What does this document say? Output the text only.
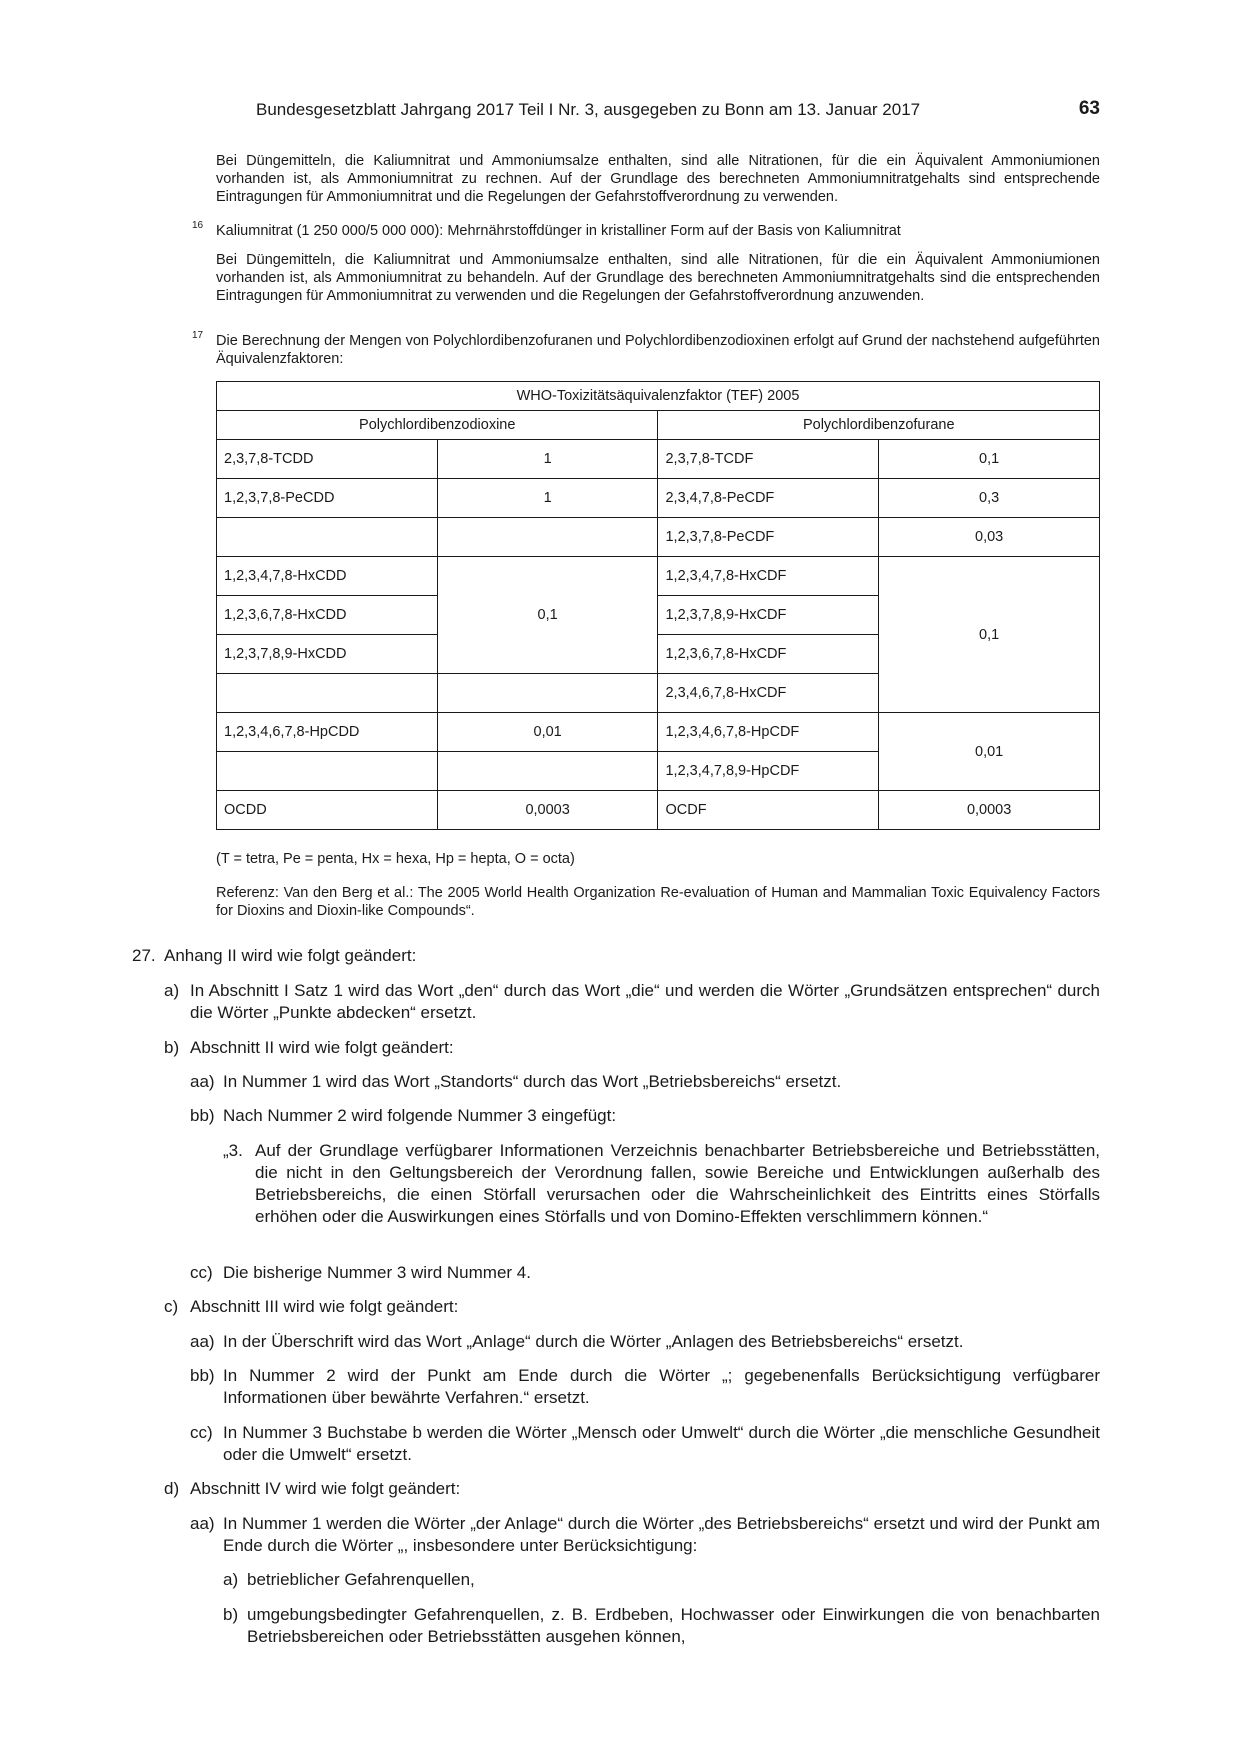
Bundesgesetzblatt Jahrgang 2017 Teil I Nr. 3, ausgegeben zu Bonn am 13. Januar 2017	63

Bei Düngemitteln, die Kaliumnitrat und Ammoniumsalze enthalten, sind alle Nitrationen, für die ein Äquivalent Ammoniumionen vorhanden ist, als Ammoniumnitrat zu rechnen. Auf der Grundlage des berechneten Ammoniumnitratgehalts sind entsprechende Eintragungen für Ammoniumnitrat und die Regelungen der Gefahrstoffverordnung zu verwenden.

16 Kaliumnitrat (1 250 000/5 000 000): Mehrnährstoffdünger in kristalliner Form auf der Basis von Kaliumnitrat

Bei Düngemitteln, die Kaliumnitrat und Ammoniumsalze enthalten, sind alle Nitrationen, für die ein Äquivalent Ammoniumionen vorhanden ist, als Ammoniumnitrat zu behandeln. Auf der Grundlage des berechneten Ammoniumnitratgehalts sind die entsprechenden Eintragungen für Ammoniumnitrat zu verwenden und die Regelungen der Gefahrstoffverordnung anzuwenden.

17 Die Berechnung der Mengen von Polychlordibenzofuranen und Polychlordibenzodioxinen erfolgt auf Grund der nachstehend aufgeführten Äquivalenzfaktoren:

WHO-Toxizitätsäquivalenzfaktor (TEF) 2005			
Polychlordibenzodioxine		Polychlordibenzofurane	
2,3,7,8-TCDD	1	2,3,7,8-TCDF	0,1
1,2,3,7,8-PeCDD	1	2,3,4,7,8-PeCDF	0,3
		1,2,3,7,8-PeCDF	0,03
1,2,3,4,7,8-HxCDD	0,1	1,2,3,4,7,8-HxCDF	0,1
1,2,3,6,7,8-HxCDD		1,2,3,7,8,9-HxCDF	
1,2,3,7,8,9-HxCDD		1,2,3,6,7,8-HxCDF	
		2,3,4,6,7,8-HxCDF	
1,2,3,4,6,7,8-HpCDD	0,01	1,2,3,4,6,7,8-HpCDF	0,01
		1,2,3,4,7,8,9-HpCDF	
OCDD	0,0003	OCDF	0,0003
(T = tetra, Pe = penta, Hx = hexa, Hp = hepta, O = octa)
Referenz: Van den Berg et al.: The 2005 World Health Organization Re-evaluation of Human and Mammalian Toxic Equivalency Factors for Dioxins and Dioxin-like Compounds“.
27. Anhang II wird wie folgt geändert:
a) In Abschnitt I Satz 1 wird das Wort „den“ durch das Wort „die“ und werden die Wörter „Grundsätzen entsprechen“ durch die Wörter „Punkte abdecken“ ersetzt.
b) Abschnitt II wird wie folgt geändert:
aa) In Nummer 1 wird das Wort „Standorts“ durch das Wort „Betriebsbereichs“ ersetzt.
bb) Nach Nummer 2 wird folgende Nummer 3 eingefügt:
„3. Auf der Grundlage verfügbarer Informationen Verzeichnis benachbarter Betriebsbereiche und Betriebsstätten, die nicht in den Geltungsbereich der Verordnung fallen, sowie Bereiche und Entwicklungen außerhalb des Betriebsbereichs, die einen Störfall verursachen oder die Wahrscheinlichkeit des Eintritts eines Störfalls erhöhen oder die Auswirkungen eines Störfalls und von Domino-Effekten verschlimmern können.“
cc) Die bisherige Nummer 3 wird Nummer 4.
c) Abschnitt III wird wie folgt geändert:
aa) In der Überschrift wird das Wort „Anlage“ durch die Wörter „Anlagen des Betriebsbereichs“ ersetzt.
bb) In Nummer 2 wird der Punkt am Ende durch die Wörter „; gegebenenfalls Berücksichtigung verfügbarer Informationen über bewährte Verfahren.“ ersetzt.
cc) In Nummer 3 Buchstabe b werden die Wörter „Mensch oder Umwelt“ durch die Wörter „die menschliche Gesundheit oder die Umwelt“ ersetzt.
d) Abschnitt IV wird wie folgt geändert:
aa) In Nummer 1 werden die Wörter „der Anlage“ durch die Wörter „des Betriebsbereichs“ ersetzt und wird der Punkt am Ende durch die Wörter „, insbesondere unter Berücksichtigung:
a) betrieblicher Gefahrenquellen,
b) umgebungsbedingter Gefahrenquellen, z. B. Erdbeben, Hochwasser oder Einwirkungen die von benachbarten Betriebsbereichen oder Betriebsstätten ausgehen können,
